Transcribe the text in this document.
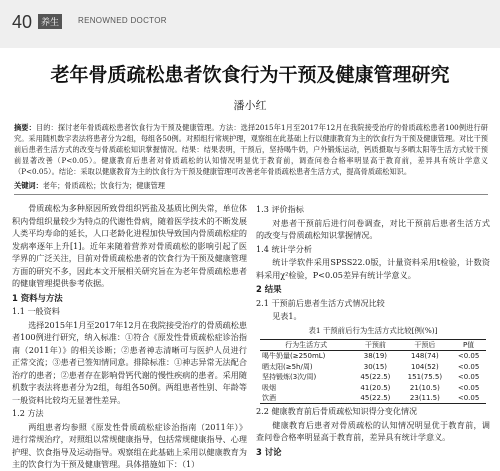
40 养生	RENOWNED DOCTOR
老年骨质疏松患者饮食行为干预及健康管理研究
潘小红
摘要：目的：探讨老年骨质疏松患者饮食行为干预及健康管理。方法：选择2015年1月至2017年12月在我院接受治疗的骨质疏松患者100例进行研究。采用随机数字表法将患者分为2组，每组各50例。对照组行常规护理，观察组在此基础上行以健康教育为主的饮食行为干预及健康管理。对比干预前后患者生活方式的改变与骨质疏松知识掌握情况。结果：结果表明，干预后，坚持喝牛奶，户外锻炼运动，钙质摄取与多晒太阳等生活方式较干预前显著改善（P<0.05）。健康教育后患者对骨质疏松的认知情况明显优于教育前，调查问卷合格率明显高于教育前，差异具有统计学意义（P<0.05）。结论：采取以健康教育为主的饮食行为干预及健康管理可改善老年骨质疏松患者生活方式，提高骨质疏松知识。
关键词：老年；骨质疏松；饮食行为；健康管理

骨质疏松为多种原因所致骨组织钙盐及基质比例失常，单位体积内骨组织量较少为特点的代谢性骨病，随着医学技术的不断发展人类平均寿命的延长，人口老龄化进程加快导致国内骨质疏松症的发病率逐年上升[1]。近年来随着营养对骨质疏松的影响引起了医学界的广泛关注，目前对骨质疏松患者的饮食行为干预及健康管理方面的研究不多，因此本文开展相关研究旨在为老年骨质疏松患者的健康管理提供参考依据。

1 资料与方法
1.1 一般资料

选择2015年1月至2017年12月在我院接受治疗的骨质疏松患者100例进行研究，纳入标准：①符合《原发性骨质疏松症诊治指南（2011年）》的相关诊断；②患者神志清晰可与医护人员进行正常交流；③患者已签知情同意。排除标准：①神志异常无法配合治疗的患者；②患者存在影响骨钙代谢的慢性疾病的患者。采用随机数字表法将患者分为2组，每组各50例。两组患者性别、年龄等一般资料比较均无显著性差异。

1.2 方法

两组患者均参照《原发性骨质疏松症诊治指南（2011年）》进行常规治疗，对照组以常规健康指导，包括常规健康指导、心理护理、饮食指导及运动指导。观察组在此基础上采用以健康教育为主的饮食行为干预及健康管理。具体措施如下：（1）

1.3 评价指标

对患者干预前后进行问卷调查，对比干预前后患者生活方式的改变与骨质疏松知识掌握情况。

1.4 统计学分析

统计学软件采用SPSS22.0版，计量资料采用t检验，计数资料采用χ²检验，P<0.05差异有统计学意义。

2 结果
2.1 干预前后患者生活方式情况比较

见表1。

表1 干预前后行为生活方式比较[例(%)]
行为生活方式	干预前	干预后	P值
喝牛奶量(≥250mL)	38(19)	148(74)	<0.05
晒太阳(≥5h/周)	30(15)	104(52)	<0.05
坚持锻炼(3次/周)	45(22.5)	151(75.5)	<0.05
吸烟	41(20.5)	21(10.5)	<0.05
饮酒	45(22.5)	23(11.5)	<0.05
2.2 健康教育前后骨质疏松知识得分变化情况

健康教育后患者对骨质疏松的认知情况明显优于教育前，调查问卷合格率明显高于教育前，差异具有统计学意义。

3 讨论
